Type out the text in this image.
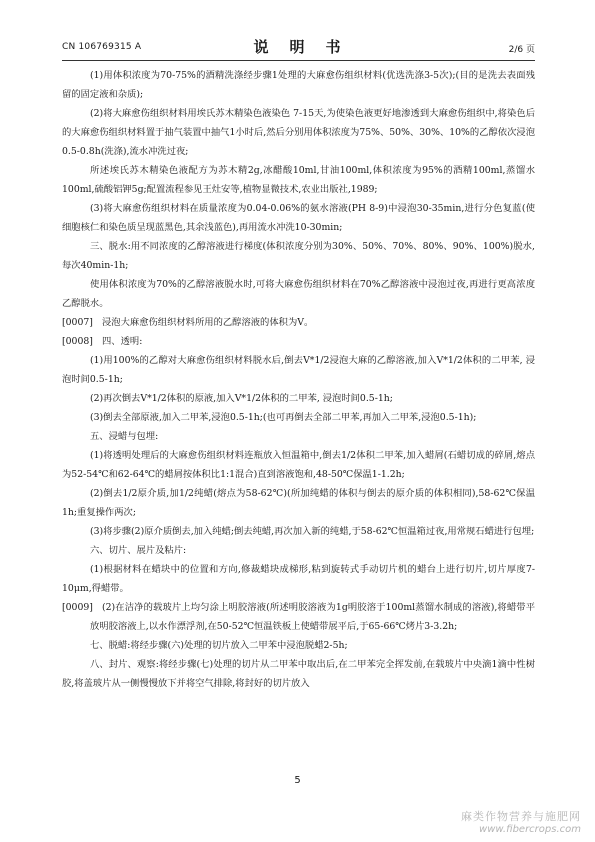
CN 106769315 A	说　明　书	2/6 页

(1)用体积浓度为70-75%的酒精洗涤经步骤1处理的大麻愈伤组织材料(优选洗涤3-5次);(目的是洗去表面残留的固定液和杂质);

(2)将大麻愈伤组织材料用埃氏苏木精染色液染色 7-15天,为使染色液更好地渗透到大麻愈伤组织中,将染色后的大麻愈伤组织材料置于抽气装置中抽气1小时后,然后分别用体积浓度为75%、50%、30%、10%的乙醇依次浸泡0.5-0.8h(洗涤),流水冲洗过夜;

所述埃氏苏木精染色液配方为苏木精2g,冰醋酸10ml,甘油100ml,体积浓度为95%的酒精100ml,蒸馏水100ml,硫酸铝钾5g;配置流程参见王灶安等,植物显微技术,农业出版社,1989;

(3)将大麻愈伤组织材料在质量浓度为0.04-0.06%的氨水溶液(PH 8-9)中浸泡30-35min,进行分色复蓝(使细胞核仁和染色质呈现蓝黑色,其余浅蓝色),再用流水冲洗10-30min;

三、脱水:用不同浓度的乙醇溶液进行梯度(体积浓度分别为30%、50%、70%、80%、90%、100%)脱水,每次40min-1h;

使用体积浓度为70%的乙醇溶液脱水时,可将大麻愈伤组织材料在70%乙醇溶液中浸泡过夜,再进行更高浓度乙醇脱水。

[0007] 浸泡大麻愈伤组织材料所用的乙醇溶液的体积为V。

[0008] 四、透明:

(1)用100%的乙醇对大麻愈伤组织材料脱水后,倒去V*1/2浸泡大麻的乙醇溶液,加入V*1/2体积的二甲苯, 浸泡时间0.5-1h;

(2)再次倒去V*1/2体积的原液,加入V*1/2体积的二甲苯, 浸泡时间0.5-1h;

(3)倒去全部原液,加入二甲苯,浸泡0.5-1h;(也可再倒去全部二甲苯,再加入二甲苯,浸泡0.5-1h);

五、浸蜡与包埋:

(1)将透明处理后的大麻愈伤组织材料连瓶放入恒温箱中,倒去1/2体积二甲苯,加入蜡屑(石蜡切成的碎屑,熔点为52-54℃和62-64℃的蜡屑按体积比1:1混合)直到溶液饱和,48-50℃保温1-1.2h;

(2)倒去1/2原介质,加1/2纯蜡(熔点为58-62℃)(所加纯蜡的体积与倒去的原介质的体积相同),58-62℃保温1h;重复操作两次;

(3)将步骤(2)原介质倒去,加入纯蜡;倒去纯蜡,再次加入新的纯蜡,于58-62℃恒温箱过夜,用常规石蜡进行包埋;

六、切片、展片及粘片:

(1)根据材料在蜡块中的位置和方向,修裁蜡块成梯形,粘到旋转式手动切片机的蜡台上进行切片,切片厚度7-10μm,得蜡带。

[0009] (2)在洁净的载玻片上均匀涂上明胶溶液(所述明胶溶液为1g明胶溶于100ml蒸馏水制成的溶液),将蜡带平放明胶溶液上,以水作漂浮剂,在50-52℃恒温铁板上使蜡带展平后,于65-66℃烤片3-3.2h;

七、脱蜡:将经步骤(六)处理的切片放入二甲苯中浸泡脱蜡2-5h;

八、封片、观察:将经步骤(七)处理的切片从二甲苯中取出后,在二甲苯完全挥发前,在载玻片中央滴1滴中性树胶,将盖玻片从一侧慢慢放下并将空气排除,将封好的切片放入

5
麻类作物营养与施肥网
www.fibercrops.com
